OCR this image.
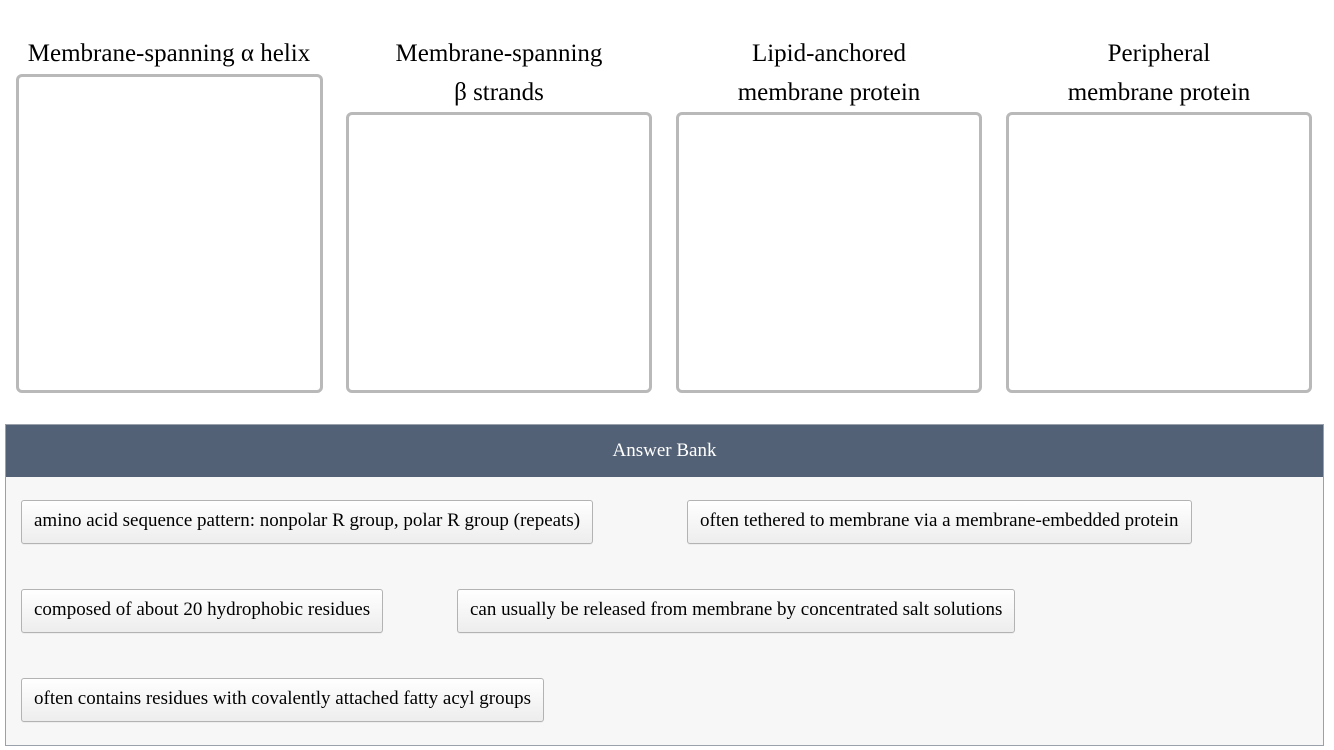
Membrane-spanning α helix	Membrane-spanning
β strands

Lipid-anchored
membrane protein

Peripheral
membrane protein

Answer Bank
amino acid sequence pattern: nonpolar R group, polar R group (repeats)	often tethered to membrane via a membrane-embedded protein
composed of about 20 hydrophobic residues	can usually be released from membrane by concentrated salt solutions
often contains residues with covalently attached fatty acyl groups
